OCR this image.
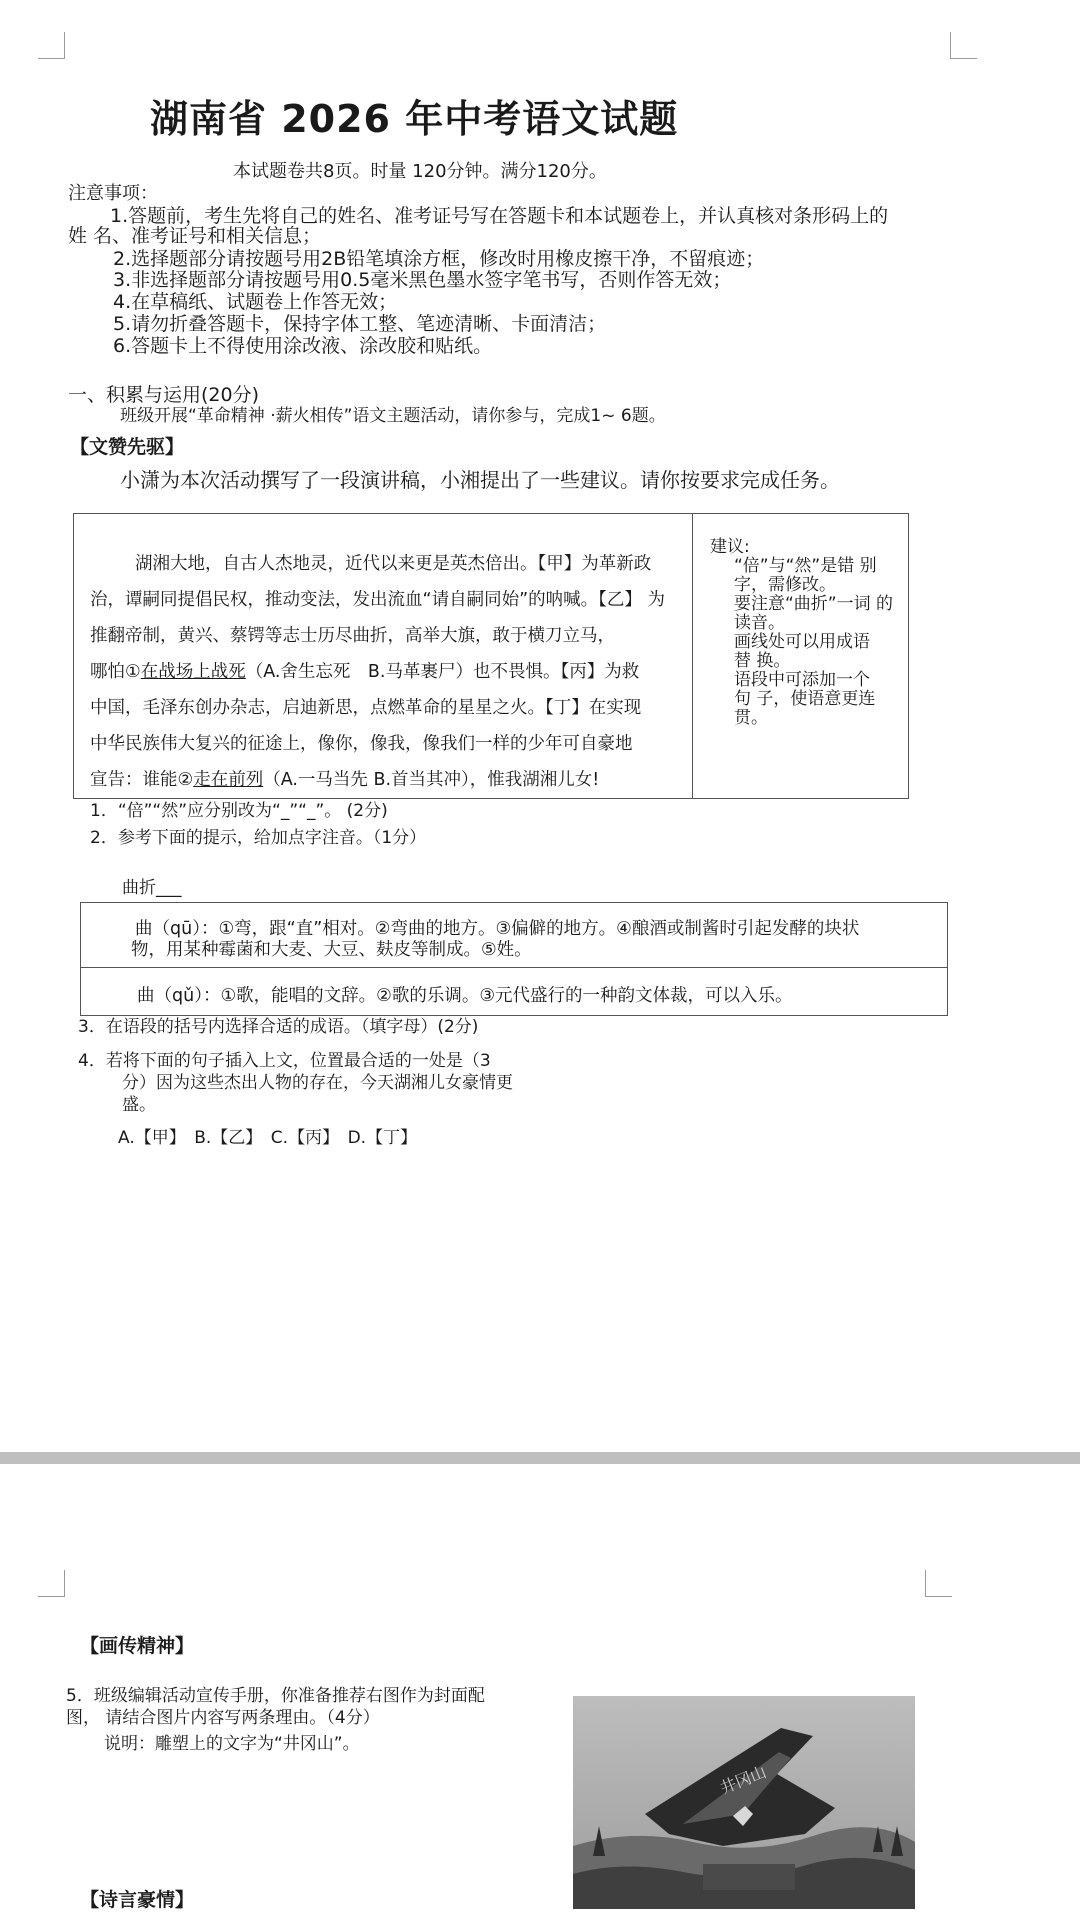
湖南省 2026 年中考语文试题
本试题卷共8页。时量 120分钟。满分120分。
注意事项：
1.答题前，考生先将自己的姓名、准考证号写在答题卡和本试题卷上，并认真核对条形码上的
姓 名、准考证号和相关信息；
2.选择题部分请按题号用2B铅笔填涂方框，修改时用橡皮擦干净，不留痕迹；
3.非选择题部分请按题号用0.5毫米黑色墨水签字笔书写，否则作答无效；
4.在草稿纸、试题卷上作答无效；
5.请勿折叠答题卡，保持字体工整、笔迹清晰、卡面清洁；
6.答题卡上不得使用涂改液、涂改胶和贴纸。
一、积累与运用(20分)
班级开展“革命精神 ·薪火相传”语文主题活动，请你参与，完成1~ 6题。
【文赞先驱】
小潇为本次活动撰写了一段演讲稿，小湘提出了一些建议。请你按要求完成任务。
湖湘大地，自古人杰地灵，近代以来更是英杰倍出。【甲】为革新政
治，谭嗣同提倡民权，推动变法，发出流血“请自嗣同始”的呐喊。【乙】 为
推翻帝制，黄兴、蔡锷等志士历尽曲折，高举大旗，敢于横刀立马，
哪怕①在战场上战死（A.舍生忘死　B.马革裹尸）也不畏惧。【丙】为救
中国，毛泽东创办杂志，启迪新思，点燃革命的星星之火。【丁】在实现
中华民族伟大复兴的征途上，像你，像我，像我们一样的少年可自豪地
宣告：谁能②走在前列（A.一马当先 B.首当其冲），惟我湖湘儿女!
建议:
“倍”与“然”是错 别
字，需修改。
要注意“曲折”一词 的
读音。
画线处可以用成语
替 换。
语段中可添加一个
句 子，使语意更连
贯。
1．“倍”“然”应分别改为“_”“_”。 (2分)
2．参考下面的提示，给加点字注音。（1分）
曲折___
曲（qū）：①弯，跟“直”相对。②弯曲的地方。③偏僻的地方。④酿酒或制酱时引起发酵的块状
物，用某种霉菌和大麦、大豆、麸皮等制成。⑤姓。
曲（qǔ）：①歌，能唱的文辞。②歌的乐调。③元代盛行的一种韵文体裁，可以入乐。
3．在语段的括号内选择合适的成语。（填字母）(2分)
4．若将下面的句子插入上文，位置最合适的一处是（3
分）因为这些杰出人物的存在，今天湖湘儿女豪情更
盛。
A.【甲】　B.【乙】　C.【丙】　D.【丁】
【画传精神】
5．班级编辑活动宣传手册，你准备推荐右图作为封面配
图， 请结合图片内容写两条理由。（4分）
说明：雕塑上的文字为“井冈山”。
【诗言豪情】
井冈山
